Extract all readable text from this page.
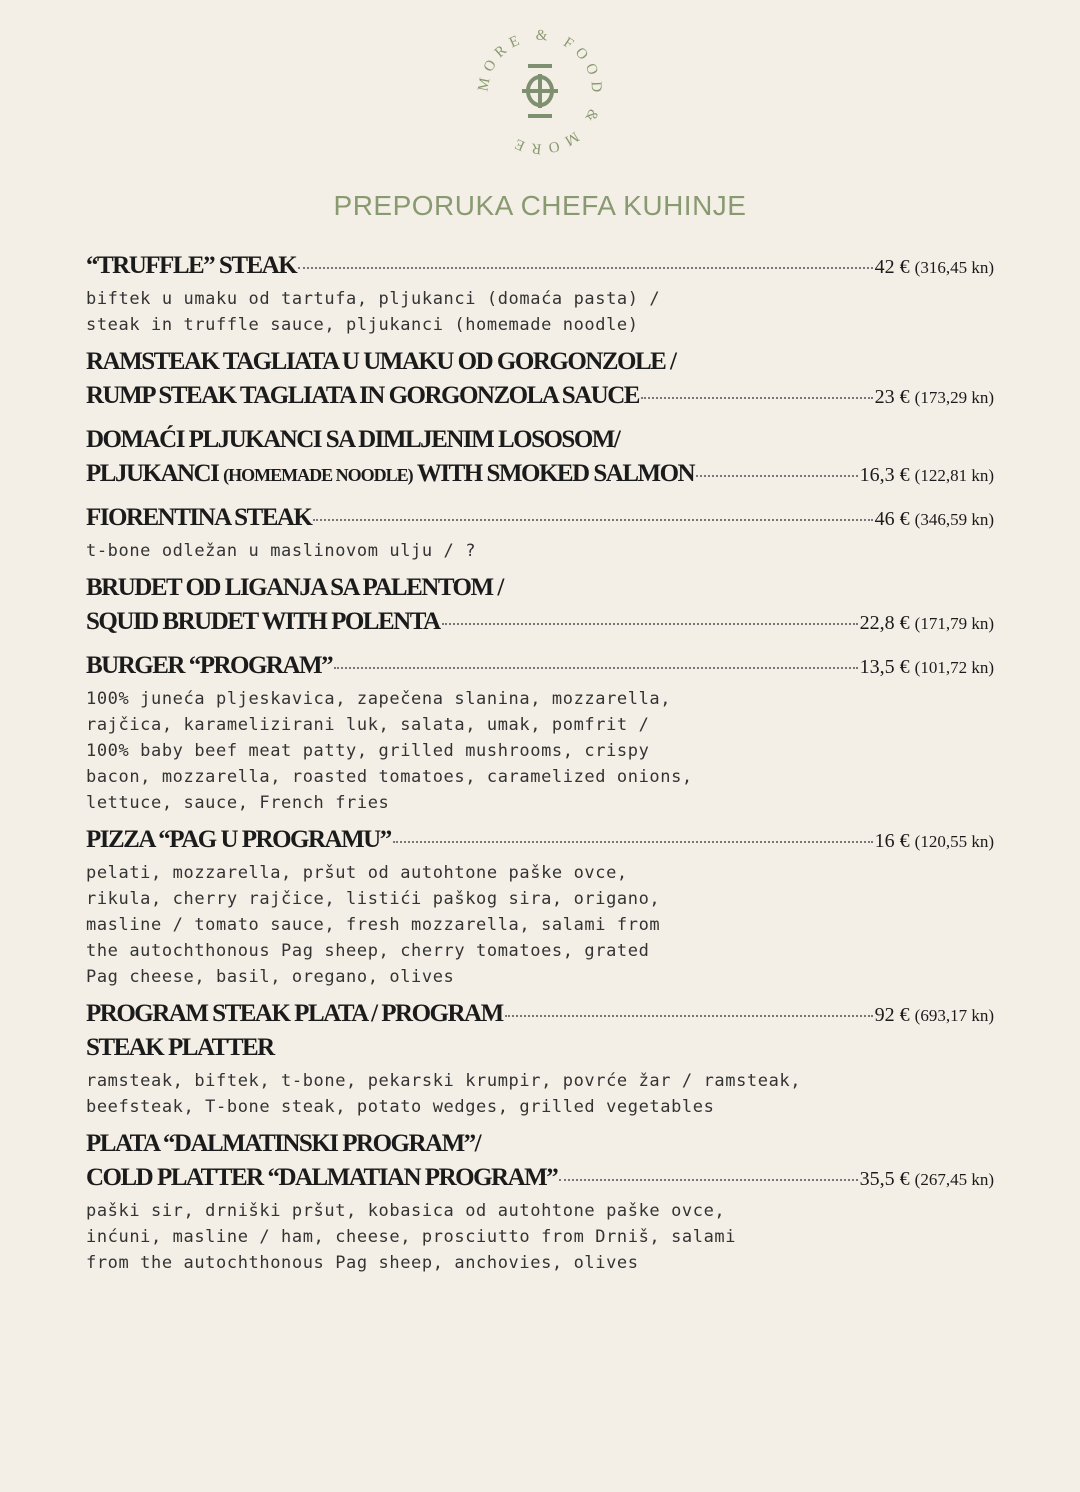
MORE & FOOD & MORE
PREPORUKA CHEFA KUHINJE
“TRUFFLE” STEAK	42 € (316,45 kn)
biftek u umaku od tartufa, pljukanci (domaća pasta) /
steak in truffle sauce, pljukanci (homemade noodle)
RAMSTEAK TAGLIATA U UMAKU OD GORGONZOLE /
RUMP STEAK TAGLIATA IN GORGONZOLA SAUCE	23 € (173,29 kn)
DOMAĆI PLJUKANCI SA DIMLJENIM LOSOSOM/
PLJUKANCI (HOMEMADE NOODLE) WITH SMOKED SALMON	16,3 € (122,81 kn)
FIORENTINA STEAK	46 € (346,59 kn)
t-bone odležan u maslinovom ulju / ?
BRUDET OD LIGANJA SA PALENTOM /
SQUID BRUDET WITH POLENTA	22,8 € (171,79 kn)
BURGER “PROGRAM”	13,5 € (101,72 kn)
100% juneća pljeskavica, zapečena slanina, mozzarella,
rajčica, karamelizirani luk, salata, umak, pomfrit /
100% baby beef meat patty, grilled mushrooms, crispy
bacon, mozzarella, roasted tomatoes, caramelized onions,
lettuce, sauce, French fries
PIZZA “PAG U PROGRAMU”	16 € (120,55 kn)
pelati, mozzarella, pršut od autohtone paške ovce,
rikula, cherry rajčice, listići paškog sira, origano,
masline / tomato sauce, fresh mozzarella, salami from
the autochthonous Pag sheep, cherry tomatoes, grated
Pag cheese, basil, oregano, olives
PROGRAM STEAK PLATA / PROGRAM	92 € (693,17 kn)
STEAK PLATTER
ramsteak, biftek, t-bone, pekarski krumpir, povrće žar / ramsteak,
beefsteak, T-bone steak, potato wedges, grilled vegetables
PLATA “DALMATINSKI PROGRAM”/
COLD PLATTER “DALMATIAN PROGRAM”	35,5 € (267,45 kn)
paški sir, drniški pršut, kobasica od autohtone paške ovce,
inćuni, masline / ham, cheese, prosciutto from Drniš, salami
from the autochthonous Pag sheep, anchovies, olives
